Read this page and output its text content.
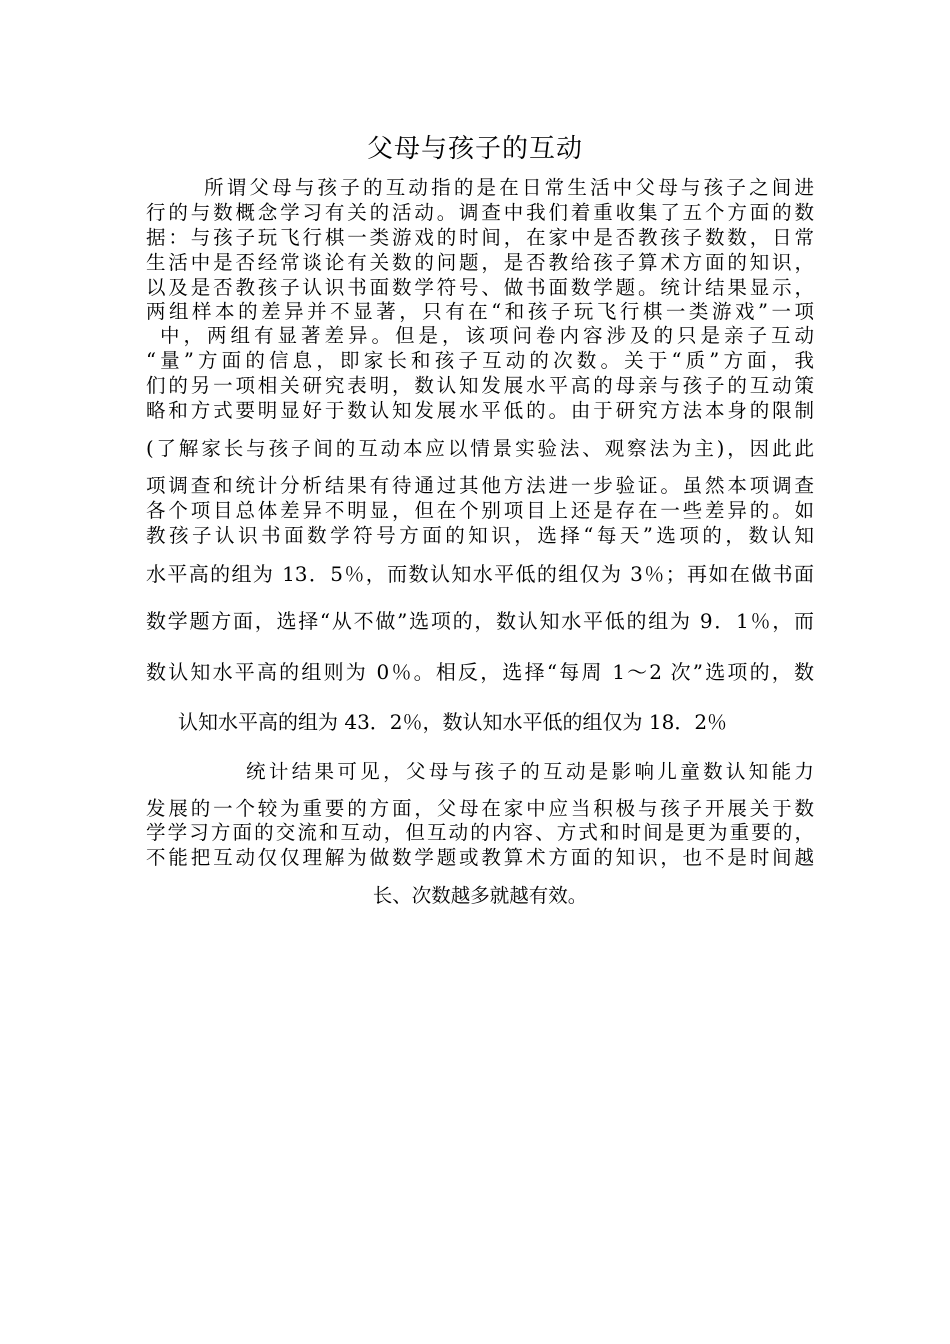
父母与孩子的互动
所谓父母与孩子的互动指的是在日常生活中父母与孩子之间进
行的与数概念学习有关的活动。调查中我们着重收集了五个方面的数
据：与孩子玩飞行棋一类游戏的时间，在家中是否教孩子数数，日常
生活中是否经常谈论有关数的问题，是否教给孩子算术方面的知识，
以及是否教孩子认识书面数学符号、做书面数学题。统计结果显示，
两组样本的差异并不显著，只有在“和孩子玩飞行棋一类游戏”一项
中，两组有显著差异。但是，该项问卷内容涉及的只是亲子互动
“量”方面的信息，即家长和孩子互动的次数。关于“质”方面，我
们的另一项相关研究表明，数认知发展水平高的母亲与孩子的互动策
略和方式要明显好于数认知发展水平低的。由于研究方法本身的限制
(了解家长与孩子间的互动本应以情景实验法、观察法为主)，因此此
项调查和统计分析结果有待通过其他方法进一步验证。虽然本项调查
各个项目总体差异不明显，但在个别项目上还是存在一些差异的。如
教孩子认识书面数学符号方面的知识，选择“每天”选项的，数认知
水平高的组为 13．5％，而数认知水平低的组仅为 3％；再如在做书面
数学题方面，选择“从不做”选项的，数认知水平低的组为 9．1％，而
数认知水平高的组则为 0％。相反，选择“每周 1～2 次”选项的，数
认知水平高的组为 43．2％，数认知水平低的组仅为 18．2％
统计结果可见，父母与孩子的互动是影响儿童数认知能力
发展的一个较为重要的方面，父母在家中应当积极与孩子开展关于数
学学习方面的交流和互动，但互动的内容、方式和时间是更为重要的，
不能把互动仅仅理解为做数学题或教算术方面的知识，也不是时间越
长、次数越多就越有效。
